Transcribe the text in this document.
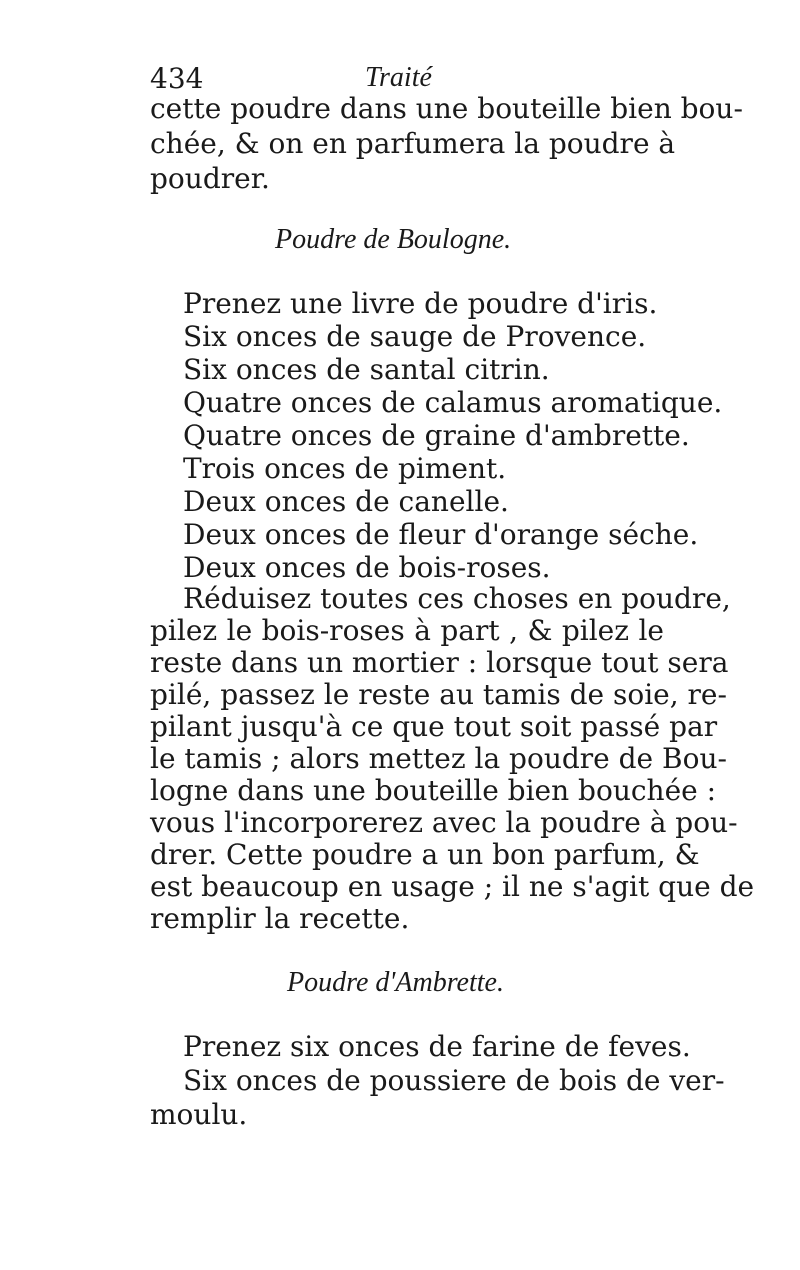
434	Traité
cette poudre dans une bouteille bien bou-
chée, & on en parfumera la poudre à
poudrer.
Poudre de Boulogne.
Prenez une livre de poudre d'iris.
Six onces de sauge de Provence.
Six onces de santal citrin.
Quatre onces de calamus aromatique.
Quatre onces de graine d'ambrette.
Trois onces de piment.
Deux onces de canelle.
Deux onces de fleur d'orange séche.
Deux onces de bois-roses.
Réduisez toutes ces choses en poudre,
pilez le bois-roses à part , & pilez le
reste dans un mortier : lorsque tout sera
pilé, passez le reste au tamis de soie, re-
pilant jusqu'à ce que tout soit passé par
le tamis ; alors mettez la poudre de Bou-
logne dans une bouteille bien bouchée :
vous l'incorporerez avec la poudre à pou-
drer. Cette poudre a un bon parfum, &
est beaucoup en usage ; il ne s'agit que de
remplir la recette.
Poudre d'Ambrette.
Prenez six onces de farine de feves.
Six onces de poussiere de bois de ver-
moulu.
